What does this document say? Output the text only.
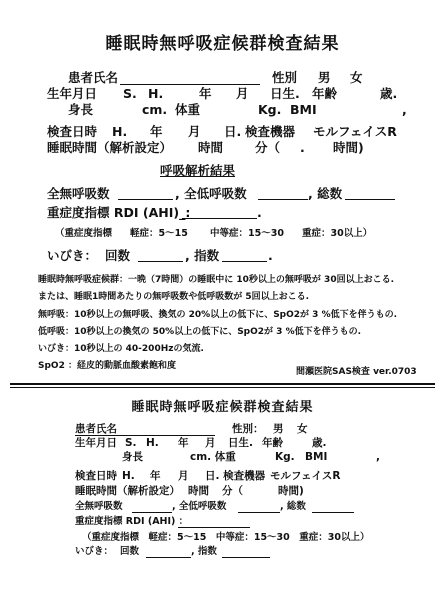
睡眠時無呼吸症候群検査結果
患者氏名	性別 男 女
生年月日 S. H.	年 月 日生. 年齢	歳.
身長	cm. 体重	Kg. BMI	,
検査日時 H. 年 月 日. 検査機器 モルフェイスR
睡眠時間（解析設定） 時間	分（ . 時間)
呼吸解析結果
全無呼吸数	, 全低呼吸数	, 総数
重症度指標 RDI (AHI)_:	.
（重症度指標 軽症：5～15 中等症：15～30 重症：30以上）
いびき： 回数	, 指数	.
睡眠時無呼吸症候群：一晩（7時間）の睡眠中に 10秒以上の無呼吸が 30回以上おこる.
または、睡眠1時間あたりの無呼吸数や低呼吸数が 5回以上おこる.
無呼吸：10秒以上の無呼吸、換気の 20%以上の低下に、SpO2が 3 %低下を伴うもの.
低呼吸：10秒以上の換気の 50%以上の低下に、SpO2が 3 %低下を伴うもの.
いびき：10秒以上の 40-200Hzの気流.
SpO2 ：経皮的動脈血酸素飽和度
間瀬医院SAS検査 ver.0703
睡眠時無呼吸症候群検査結果
患者氏名	性別： 男 女
生年月日 S. H. 年 月 日生. 年齢	歳.
身長	cm. 体重	Kg. BMI	,
検査日時 H. 年 月 日. 検査機器 モルフェイスR
睡眠時間（解析設定） 時間 分（	時間)
全無呼吸数	, 全低呼吸数	, 総数
重症度指標 RDI (AHI) ：
（重症度指標　軽症：5～15　中等症：15～30　重症：30以上）
いびき： 回数	, 指数
